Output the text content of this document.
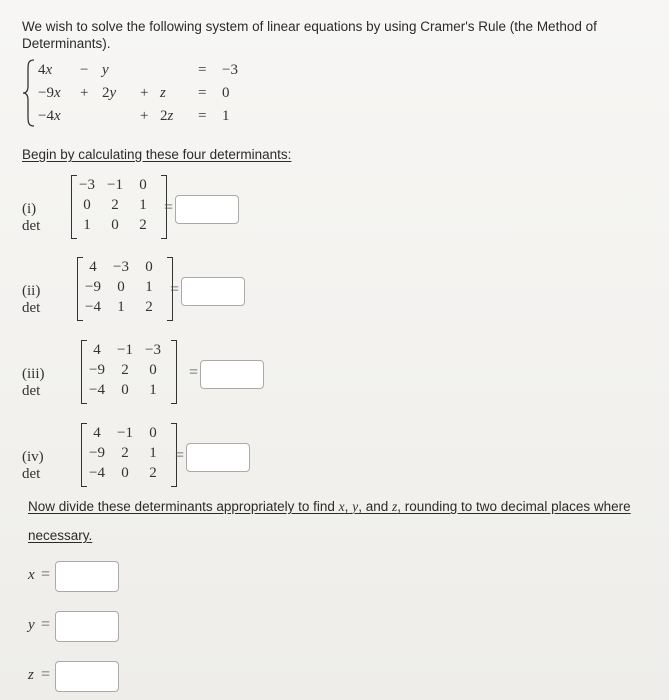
We wish to solve the following system of linear equations by using Cramer's Rule (the Method of
Determinants).
4x − y	= −3
−9x + 2y + z = 0
−4x	+ 2z = 1
Begin by calculating these four determinants:
(i) det
−3 −1	0
0	2	1
1	0	2
=
(ii) det
4	−3	0
−9	0	1
−4	1	2
=
(iii) det
4	−1 −3
−9	2	0
−4	0	1
=
(iv) det
4	−1	0
−9	2	1
−4	0	2
=
Now divide these determinants appropriately to find x, y, and z, rounding to two decimal places where
necessary.
x =
y =
z =
